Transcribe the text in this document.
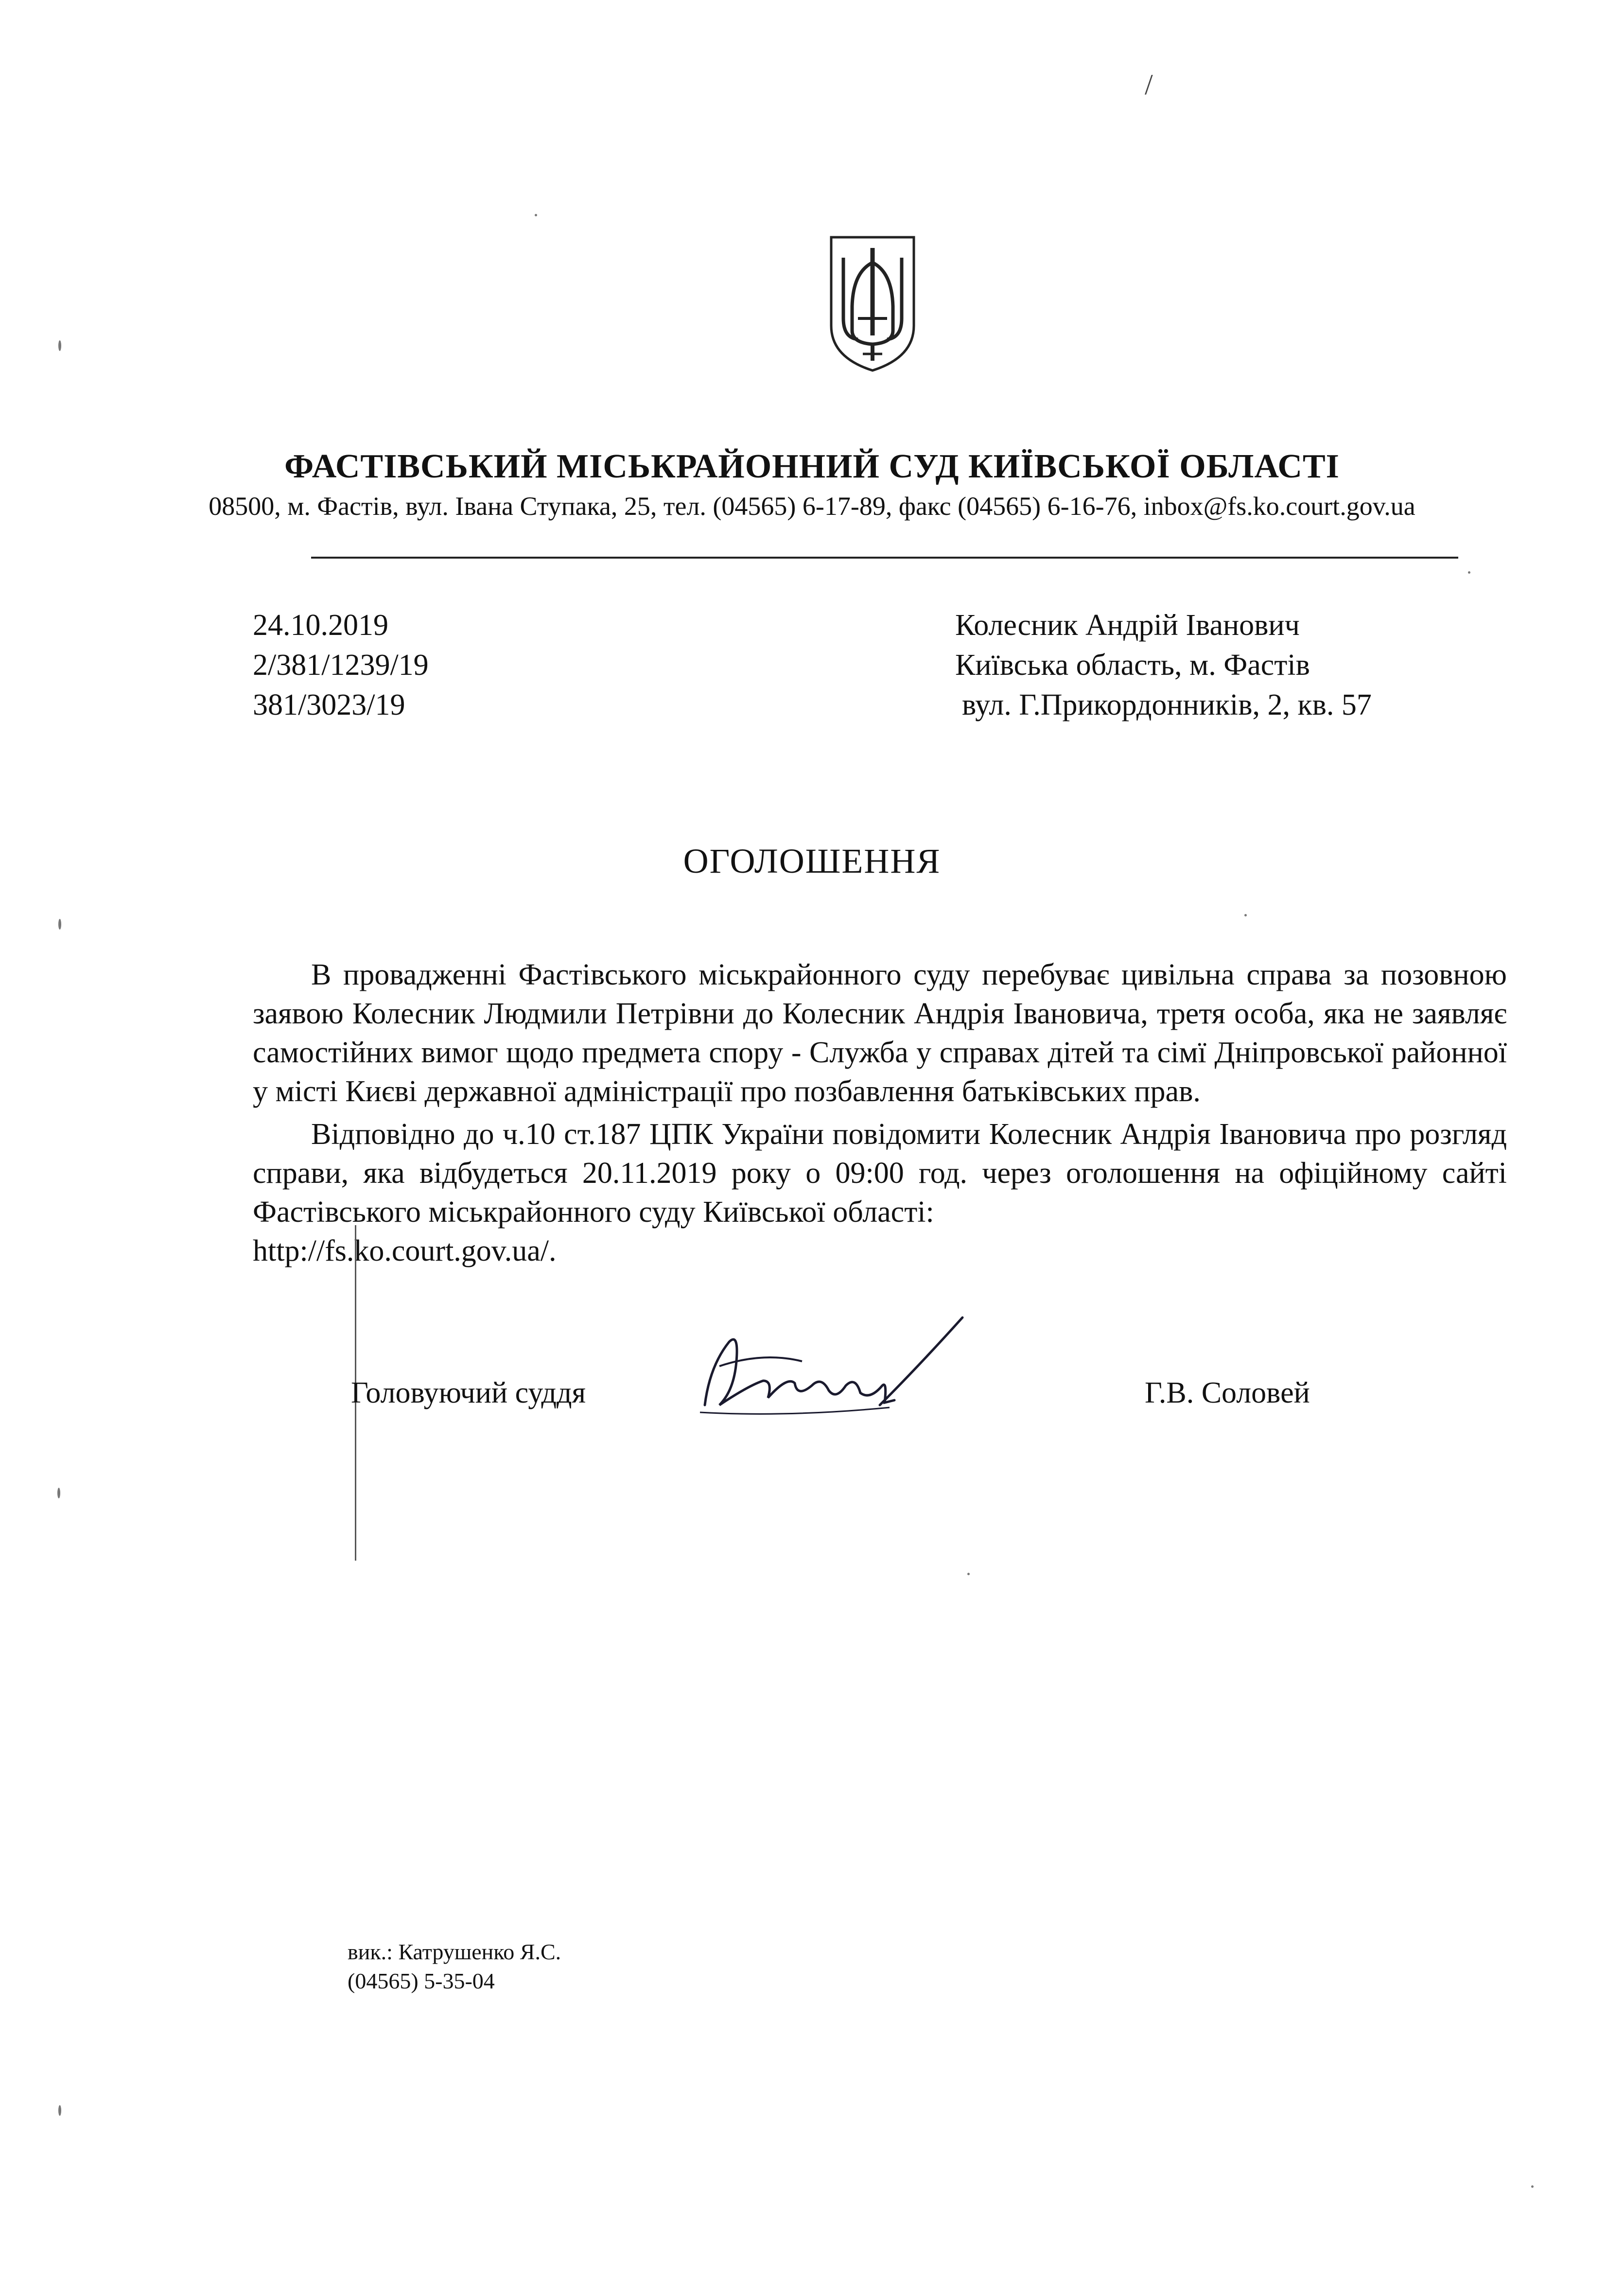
/
ФАСТІВСЬКИЙ МІСЬКРАЙОННИЙ СУД КИЇВСЬКОЇ ОБЛАСТІ
08500, м. Фастів, вул. Івана Ступака, 25, тел. (04565) 6-17-89, факс (04565) 6-16-76, inbox@fs.ko.court.gov.ua
24.10.2019
2/381/1239/19
381/3023/19
Колесник Андрій Іванович
Київська область, м. Фастів
вул. Г.Прикордонників, 2, кв. 57
ОГОЛОШЕННЯ

В провадженні Фастівського міськрайонного суду перебуває цивільна справа за позовною заявою Колесник Людмили Петрівни до Колесник Андрія Івановича, третя особа, яка не заявляє самостійних вимог щодо предмета спору - Служба у справах дітей та сімї Дніпровської районної у місті Києві державної адміністрації про позбавлення батьківських прав.

Відповідно до ч.10 ст.187 ЦПК України повідомити Колесник Андрія Івановича про розгляд справи, яка відбудеться 20.11.2019 року о 09:00 год. через оголошення на офіційному сайті Фастівського міськрайонного суду Київської області:
http://fs.ko.court.gov.ua/.

Головуючий суддя	Г.В. Соловей
вик.: Катрушенко Я.С.
(04565) 5-35-04
